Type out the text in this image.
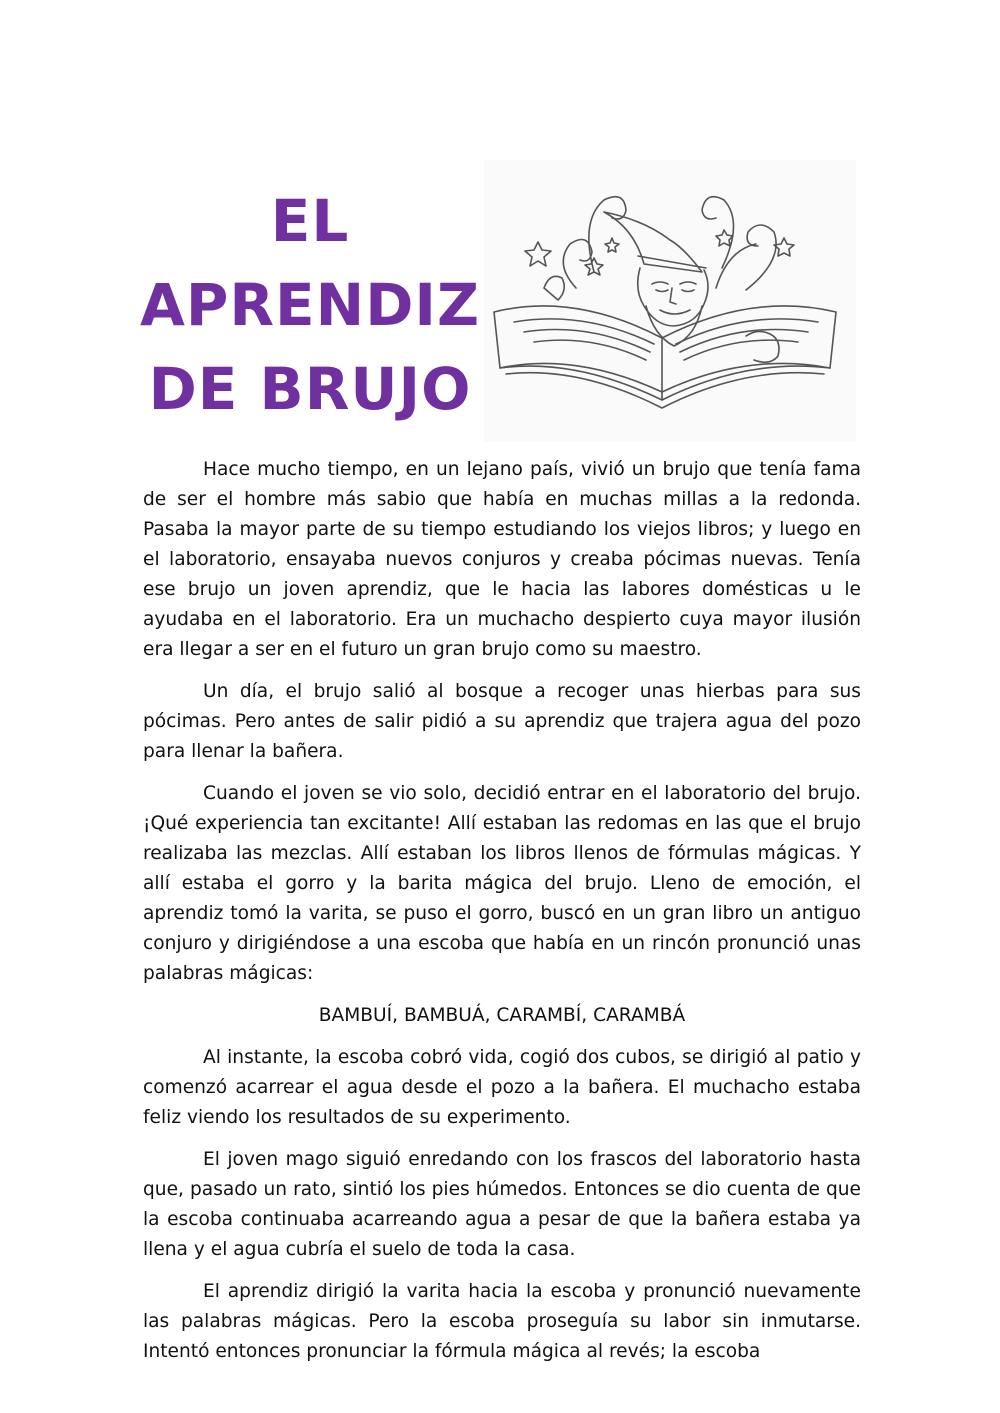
EL
APRENDIZ
DE BRUJO

Hace mucho tiempo, en un lejano país, vivió un brujo que tenía fama de ser el hombre más sabio que había en muchas millas a la redonda. Pasaba la mayor parte de su tiempo estudiando los viejos libros; y luego en el laboratorio, ensayaba nuevos conjuros y creaba pócimas nuevas. Tenía ese brujo un joven aprendiz, que le hacia las labores domésticas u le ayudaba en el laboratorio. Era un muchacho despierto cuya mayor ilusión era llegar a ser en el futuro un gran brujo como su maestro.

Un día, el brujo salió al bosque a recoger unas hierbas para sus pócimas. Pero antes de salir pidió a su aprendiz que trajera agua del pozo para llenar la bañera.

Cuando el joven se vio solo, decidió entrar en el laboratorio del brujo. ¡Qué experiencia tan excitante! Allí estaban las redomas en las que el brujo realizaba las mezclas. Allí estaban los libros llenos de fórmulas mágicas. Y allí estaba el gorro y la barita mágica del brujo. Lleno de emoción, el aprendiz tomó la varita, se puso el gorro, buscó en un gran libro un antiguo conjuro y dirigiéndose a una escoba que había en un rincón pronunció unas palabras mágicas:

BAMBUÍ, BAMBUÁ, CARAMBÍ, CARAMBÁ

Al instante, la escoba cobró vida, cogió dos cubos, se dirigió al patio y comenzó acarrear el agua desde el pozo a la bañera. El muchacho estaba feliz viendo los resultados de su experimento.

El joven mago siguió enredando con los frascos del laboratorio hasta que, pasado un rato, sintió los pies húmedos. Entonces se dio cuenta de que la escoba continuaba acarreando agua a pesar de que la bañera estaba ya llena y el agua cubría el suelo de toda la casa.

El aprendiz dirigió la varita hacia la escoba y pronunció nuevamente las palabras mágicas. Pero la escoba proseguía su labor sin inmutarse. Intentó entonces pronunciar la fórmula mágica al revés; la escoba
